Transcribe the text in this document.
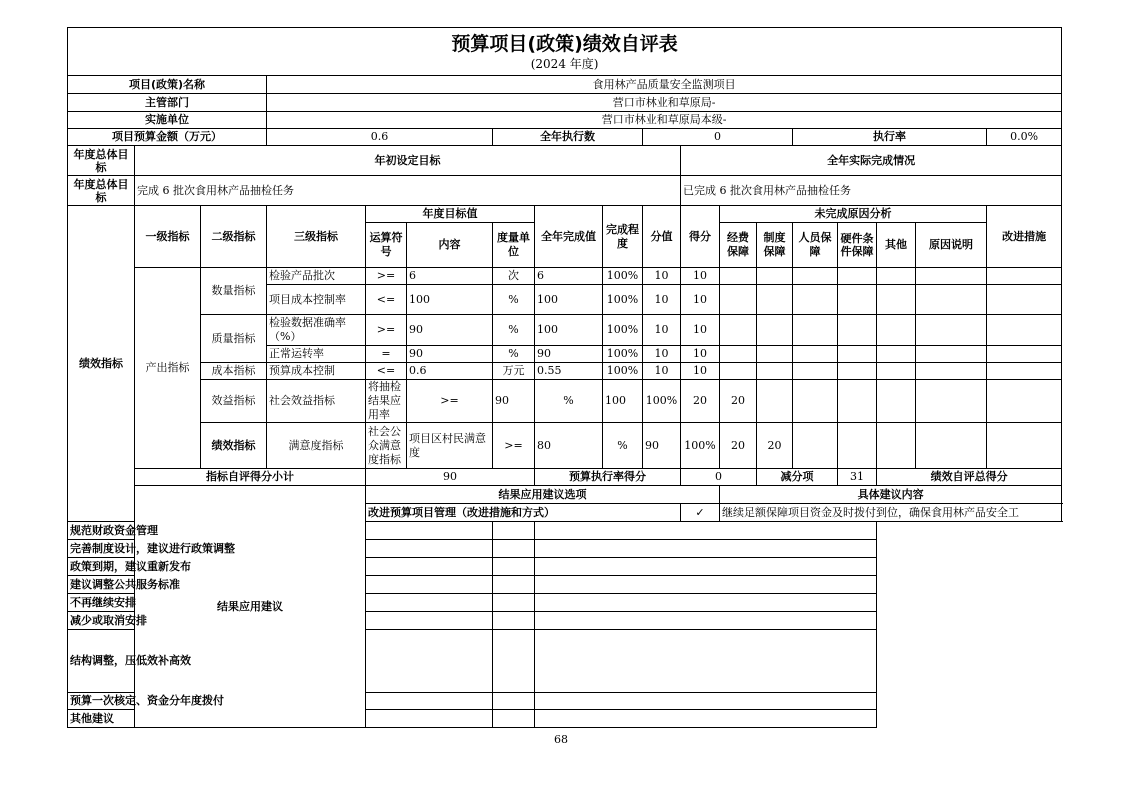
预算项目(政策)绩效自评表
(2024 年度)																		

项目(政策)名称			食用林产品质量安全监测项目															
主管部门			营口市林业和草原局-															
实施单位			营口市林业和草原局本级-															
项目预算金额（万元）			0.6			全年执行数			0				执行率				0.0%	
年度总体目标	年初设定目标									全年实际完成情况								
年度总体目标	完成 6 批次食用林产品抽检任务									已完成 6 批次食用林产品抽检任务								
绩效指标	一级指标	二级指标	三级指标	年度目标值			全年完成值	完成程度	分值	得分	未完成原因分析						改进措施	
				运算符号	内容	度量单位					经费保障	制度保障	人员保障	硬件条件保障	其他	原因说明		

	产出指标	数量指标	检验产品批次	>=	6	次	6	100%	10	10								
			项目成本控制率	<=	100	%	100	100%	10	10								
		质量指标	检验数据准确率（%）	>=	90	%	100	100%	10	10								
			正常运转率	=	90	%	90	100%	10	10								
		成本指标	预算成本控制	<=	0.6	万元	0.55	100%	10	10								
		效益指标	社会效益指标	将抽检结果应用率	>=	90	%	100	100%	20	20							
		绩效指标	满意度指标	社会公众满意度指标	项目区村民满意度	>=	80	%	90	100%	20	20							
	指标自评得分小计			90			预算执行率得分			0		减分项		31	绩效自评总得分	
	结果应用建议			结果应用建议选项							具体建议内容							
				改进预算项目管理（改进措施和方式）						✓	继续足额保障项目资金及时拨付到位，确保食用林产品安全工							
规范财政资金管理																		
完善制度设计，建议进行政策调整																		
政策到期，建议重新发布																		
建议调整公共服务标准																		
不再继续安排																		
减少或取消安排																		
结构调整，压低效补高效																		
预算一次核定、资金分年度拨付																		
其他建议																		
68
